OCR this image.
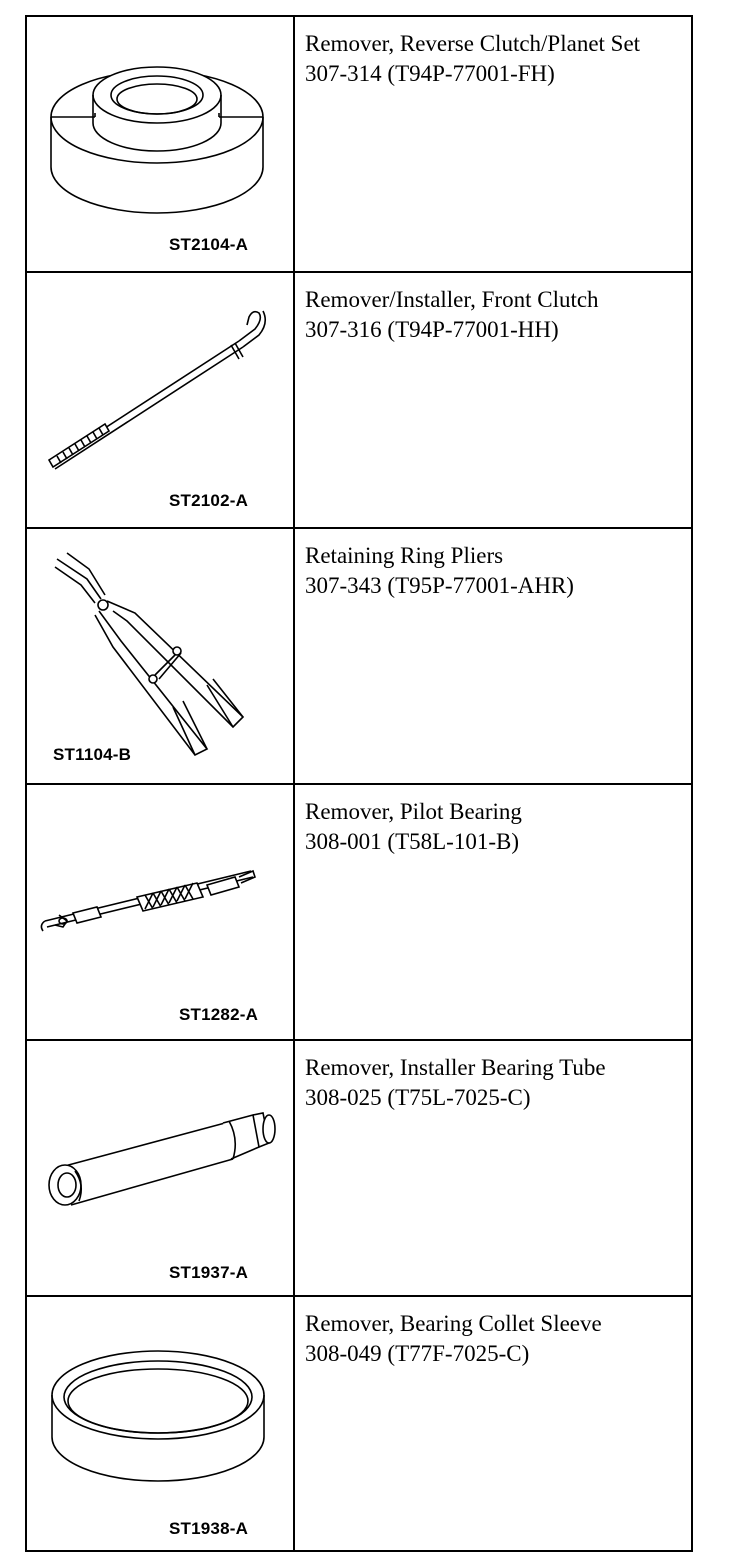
ST2104-A	Remover, Reverse Clutch/Planet Set
307-314 (T94P-77001-FH)

ST2102-A	Remover/Installer, Front Clutch
307-316 (T94P-77001-HH)

ST1104-B	Retaining Ring Pliers
307-343 (T95P-77001-AHR)

ST1282-A	Remover, Pilot Bearing
308-001 (T58L-101-B)

ST1937-A	Remover, Installer Bearing Tube
308-025 (T75L-7025-C)

ST1938-A	Remover, Bearing Collet Sleeve
308-049 (T77F-7025-C)
